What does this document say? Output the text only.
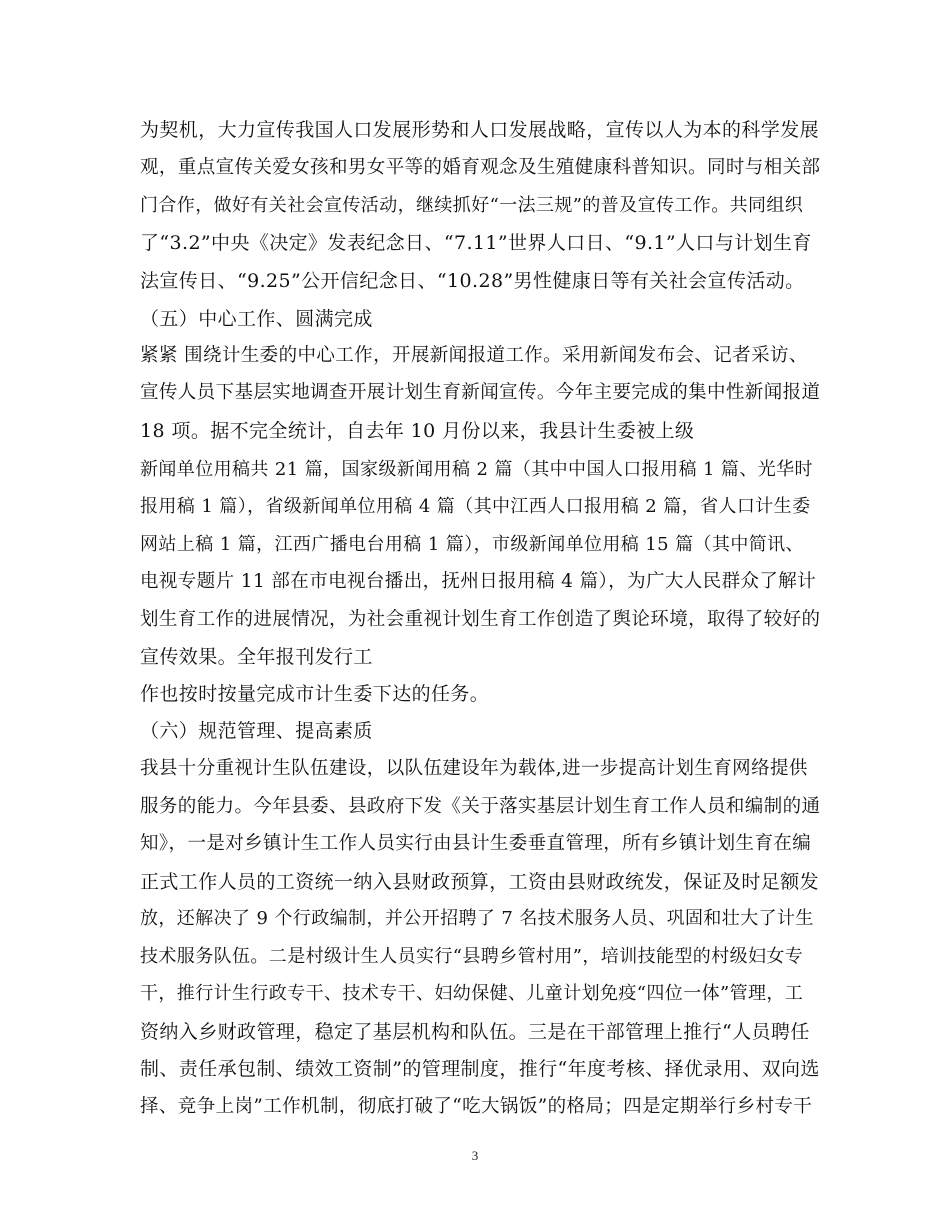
为契机，大力宣传我国人口发展形势和人口发展战略，宣传以人为本的科学发展
观，重点宣传关爱女孩和男女平等的婚育观念及生殖健康科普知识。同时与相关部
门合作，做好有关社会宣传活动，继续抓好“一法三规”的普及宣传工作。共同组织
了“3.2”中央《决定》发表纪念日、“7.11”世界人口日、“9.1”人口与计划生育
法宣传日、“9.25”公开信纪念日、“10.28”男性健康日等有关社会宣传活动。
（五）中心工作、圆满完成
紧紧 围绕计生委的中心工作，开展新闻报道工作。采用新闻发布会、记者采访、
宣传人员下基层实地调查开展计划生育新闻宣传。今年主要完成的集中性新闻报道
18 项。据不完全统计，自去年 10 月份以来，我县计生委被上级
新闻单位用稿共 21 篇，国家级新闻用稿 2 篇（其中中国人口报用稿 1 篇、光华时
报用稿 1 篇），省级新闻单位用稿 4 篇（其中江西人口报用稿 2 篇，省人口计生委
网站上稿 1 篇，江西广播电台用稿 1 篇），市级新闻单位用稿 15 篇（其中简讯、
电视专题片 11 部在市电视台播出，抚州日报用稿 4 篇），为广大人民群众了解计
划生育工作的进展情况，为社会重视计划生育工作创造了舆论环境，取得了较好的
宣传效果。全年报刊发行工
作也按时按量完成市计生委下达的任务。
（六）规范管理、提高素质
我县十分重视计生队伍建设，以队伍建设年为载体,进一步提高计划生育网络提供
服务的能力。今年县委、县政府下发《关于落实基层计划生育工作人员和编制的通
知》，一是对乡镇计生工作人员实行由县计生委垂直管理，所有乡镇计划生育在编
正式工作人员的工资统一纳入县财政预算，工资由县财政统发，保证及时足额发
放，还解决了 9 个行政编制，并公开招聘了 7 名技术服务人员、巩固和壮大了计生
技术服务队伍。二是村级计生人员实行“县聘乡管村用”，培训技能型的村级妇女专
干，推行计生行政专干、技术专干、妇幼保健、儿童计划免疫“四位一体”管理，工
资纳入乡财政管理，稳定了基层机构和队伍。三是在干部管理上推行“人员聘任
制、责任承包制、绩效工资制”的管理制度，推行“年度考核、择优录用、双向选
择、竞争上岗”工作机制，彻底打破了“吃大锅饭”的格局；四是定期举行乡村专干
3
